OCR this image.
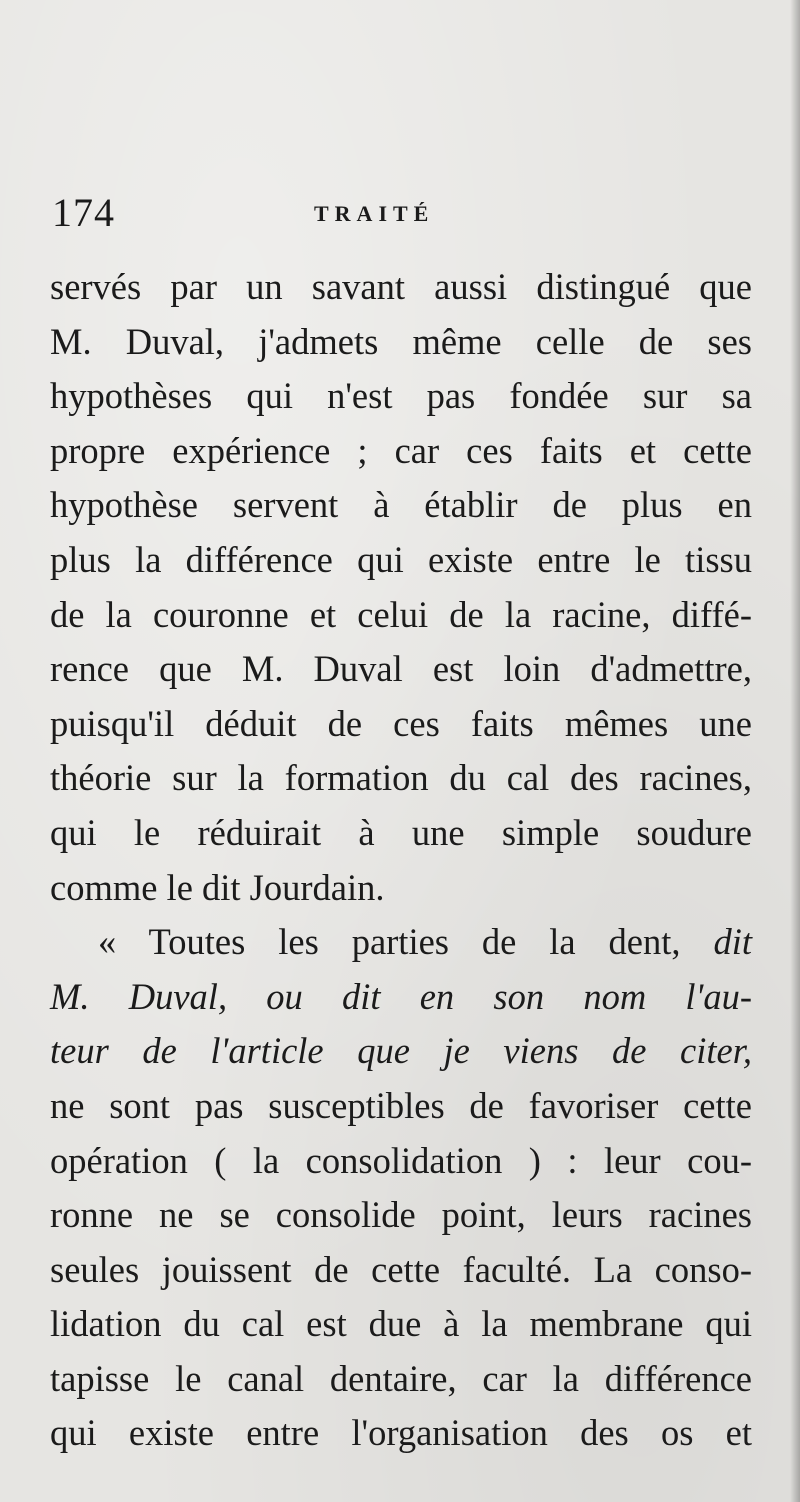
174	TRAITÉ
servés par un savant aussi distingué que
M. Duval, j'admets même celle de ses
hypothèses qui n'est pas fondée sur sa
propre expérience ; car ces faits et cette
hypothèse servent à établir de plus en
plus la différence qui existe entre le tissu
de la couronne et celui de la racine, diffé-
rence que M. Duval est loin d'admettre,
puisqu'il déduit de ces faits mêmes une
théorie sur la formation du cal des racines,
qui le réduirait à une simple soudure
comme le dit Jourdain.
« Toutes les parties de la dent, dit
M. Duval, ou dit en son nom l'au-
teur de l'article que je viens de citer,
ne sont pas susceptibles de favoriser cette
opération ( la consolidation ) : leur cou-
ronne ne se consolide point, leurs racines
seules jouissent de cette faculté. La conso-
lidation du cal est due à la membrane qui
tapisse le canal dentaire, car la différence
qui existe entre l'organisation des os et
